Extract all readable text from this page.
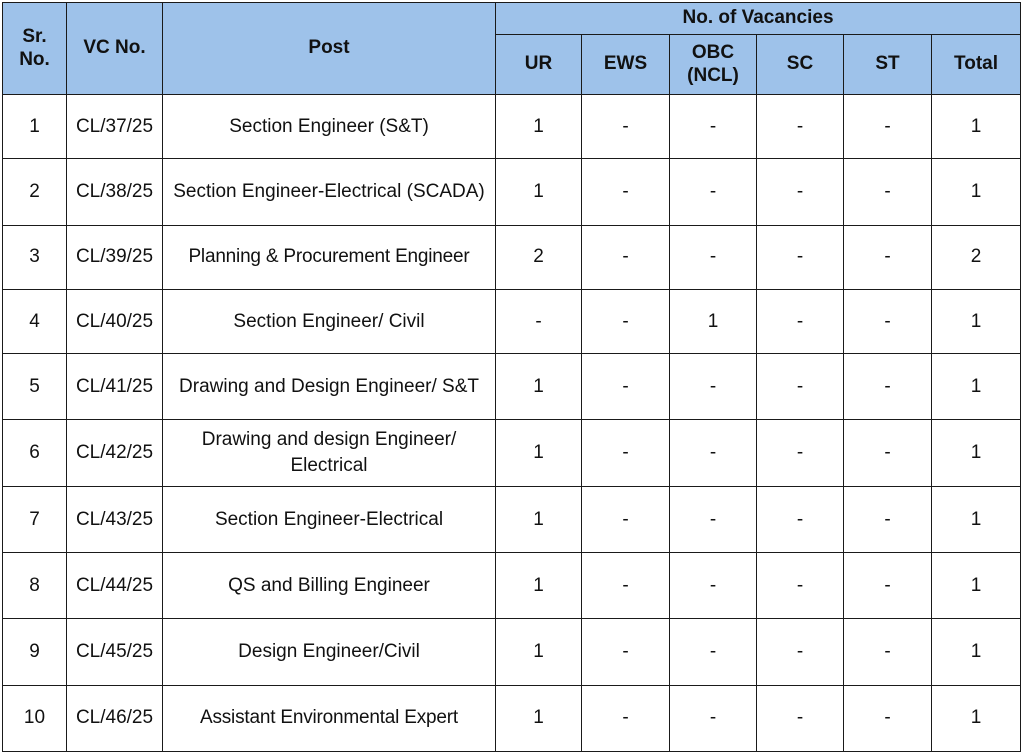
Sr. No.	VC No.	Post	No. of Vacancies					
			UR	EWS	OBC (NCL)	SC	ST	Total
1	CL/37/25	Section Engineer (S&T)	1	-	-	-	-	1
2	CL/38/25	Section Engineer-Electrical (SCADA)	1	-	-	-	-	1
3	CL/39/25	Planning & Procurement Engineer	2	-	-	-	-	2
4	CL/40/25	Section Engineer/ Civil	-	-	1	-	-	1
5	CL/41/25	Drawing and Design Engineer/ S&T	1	-	-	-	-	1
6	CL/42/25	Drawing and design Engineer/ Electrical	1	-	-	-	-	1
7	CL/43/25	Section Engineer-Electrical	1	-	-	-	-	1
8	CL/44/25	QS and Billing Engineer	1	-	-	-	-	1
9	CL/45/25	Design Engineer/Civil	1	-	-	-	-	1
10	CL/46/25	Assistant Environmental Expert	1	-	-	-	-	1
